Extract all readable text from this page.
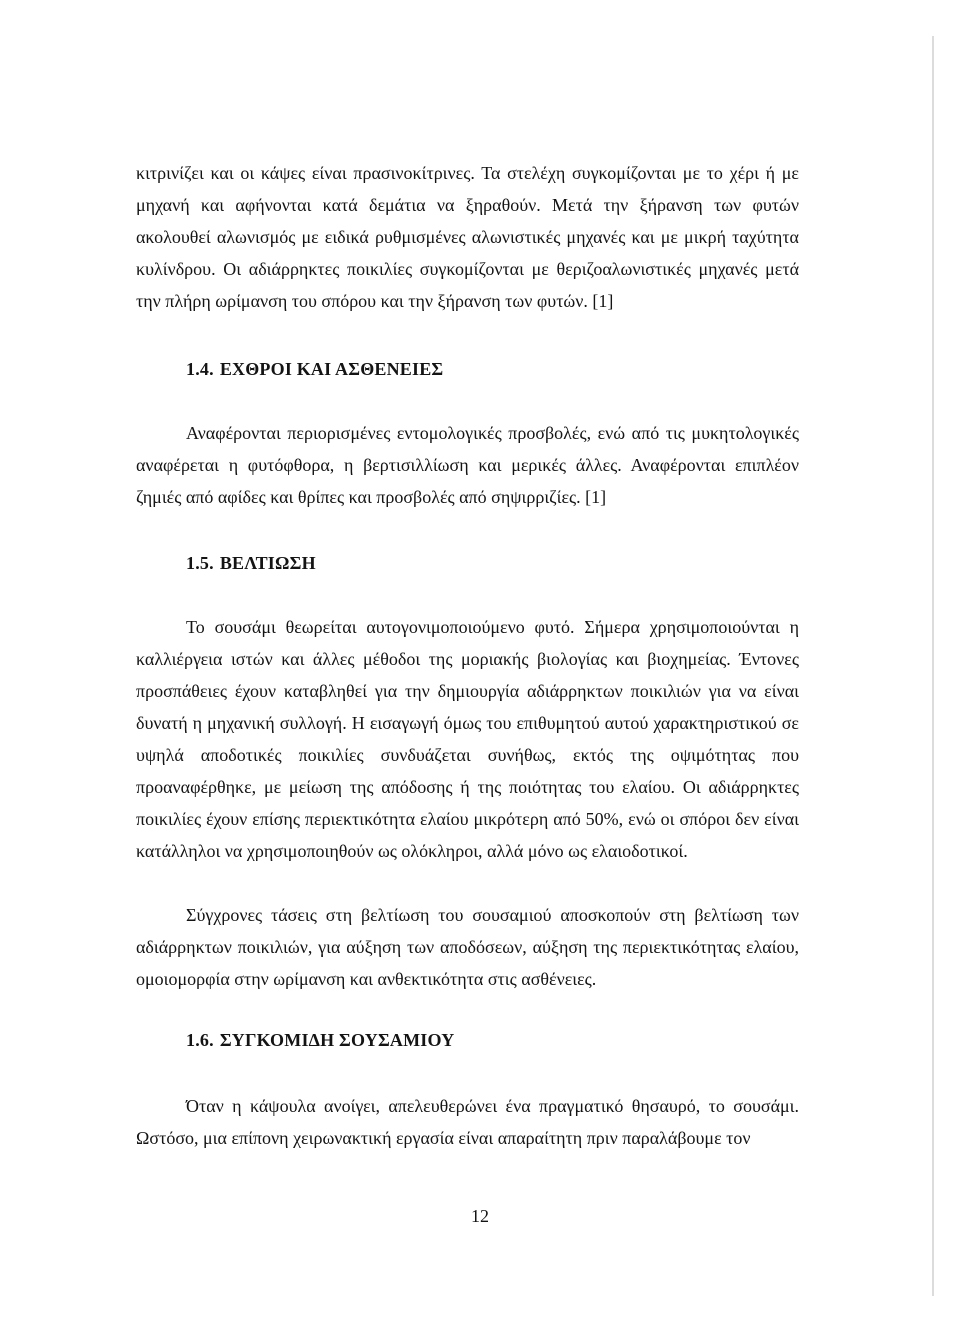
κιτρινίζει και οι κάψες είναι πρασινοκίτρινες. Τα στελέχη συγκομίζονται με το χέρι ή με μηχανή και αφήνονται κατά δεμάτια να ξηραθούν. Μετά την ξήρανση των φυτών ακολουθεί αλωνισμός με ειδικά ρυθμισμένες αλωνιστικές μηχανές και με μικρή ταχύτητα κυλίνδρου. Οι αδιάρρηκτες ποικιλίες συγκομίζονται με θεριζοαλωνιστικές μηχανές μετά την πλήρη ωρίμανση του σπόρου και την ξήρανση των φυτών. [1]

1.4. ΕΧΘΡΟΙ ΚΑΙ ΑΣΘΕΝΕΙΕΣ

Αναφέρονται περιορισμένες εντομολογικές προσβολές, ενώ από τις μυκητολογικές αναφέρεται η φυτόφθορα, η βερτισιλλίωση και μερικές άλλες. Αναφέρονται επιπλέον ζημιές από αφίδες και θρίπες και προσβολές από σηψιρριζίες. [1]

1.5. ΒΕΛΤΙΩΣΗ

Το σουσάμι θεωρείται αυτογονιμοποιούμενο φυτό. Σήμερα χρησιμοποιούνται η καλλιέργεια ιστών και άλλες μέθοδοι της μοριακής βιολογίας και βιοχημείας. Έντονες προσπάθειες έχουν καταβληθεί για την δημιουργία αδιάρρηκτων ποικιλιών για να είναι δυνατή η μηχανική συλλογή. Η εισαγωγή όμως του επιθυμητού αυτού χαρακτηριστικού σε υψηλά αποδοτικές ποικιλίες συνδυάζεται συνήθως, εκτός της οψιμότητας που προαναφέρθηκε, με μείωση της απόδοσης ή της ποιότητας του ελαίου. Οι αδιάρρηκτες ποικιλίες έχουν επίσης περιεκτικότητα ελαίου μικρότερη από 50%, ενώ οι σπόροι δεν είναι κατάλληλοι να χρησιμοποιηθούν ως ολόκληροι, αλλά μόνο ως ελαιοδοτικοί.

Σύγχρονες τάσεις στη βελτίωση του σουσαμιού αποσκοπούν στη βελτίωση των αδιάρρηκτων ποικιλιών, για αύξηση των αποδόσεων, αύξηση της περιεκτικότητας ελαίου, ομοιομορφία στην ωρίμανση και ανθεκτικότητα στις ασθένειες.

1.6. ΣΥΓΚΟΜΙΔΗ ΣΟΥΣΑΜΙΟΥ

Όταν η κάψουλα ανοίγει, απελευθερώνει ένα πραγματικό θησαυρό, το σουσάμι. Ωστόσο, μια επίπονη χειρωνακτική εργασία είναι απαραίτητη πριν παραλάβουμε τον

12
